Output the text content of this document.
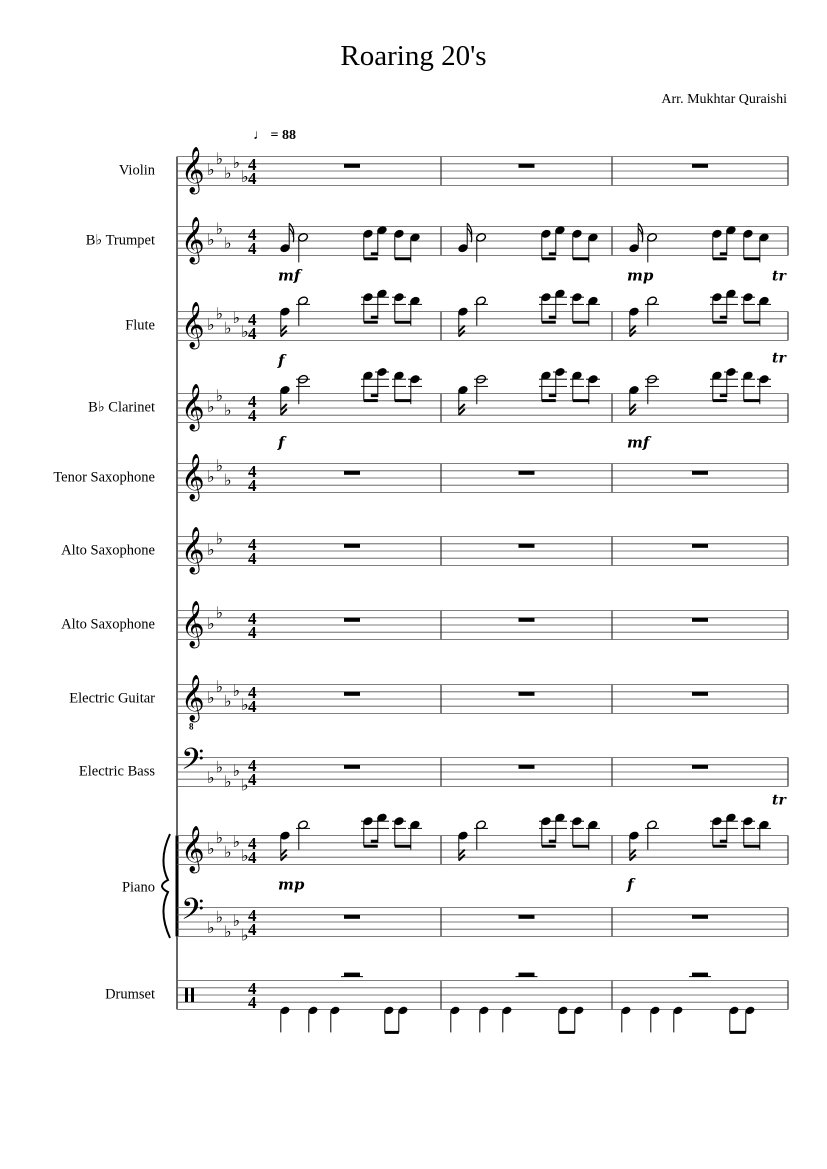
Roaring 20's
Arr. Mukhtar Quraishi
♩ = 88
Violin
B♭ Trumpet
Flute
B♭ Clarinet
Tenor Saxophone
Alto Saxophone
Alto Saxophone
Electric Guitar
Electric Bass
Piano
Drumset
𝄞 ♭
♭
♭
♭
♭
4
4
𝄞 ♭
♭
♭ 4
4
mf	mp
𝄞 ♭
♭
♭
♭
♭
4
4
f
tr
𝄞 ♭
♭
♭ 4
4
f	mf
tr
𝄞 ♭
♭
♭ 4
4
𝄞 ♭
♭ 4
4
𝄞 ♭
♭ 4
4
𝄞
8
♭
♭
♭
♭
♭
4
4
𝄢 ♭
♭
♭
♭
♭
4
4
𝄞 ♭
♭
♭
♭
♭
4
4
mp	f
tr
𝄢 ♭
♭
♭
♭
♭
4
4
4
4
